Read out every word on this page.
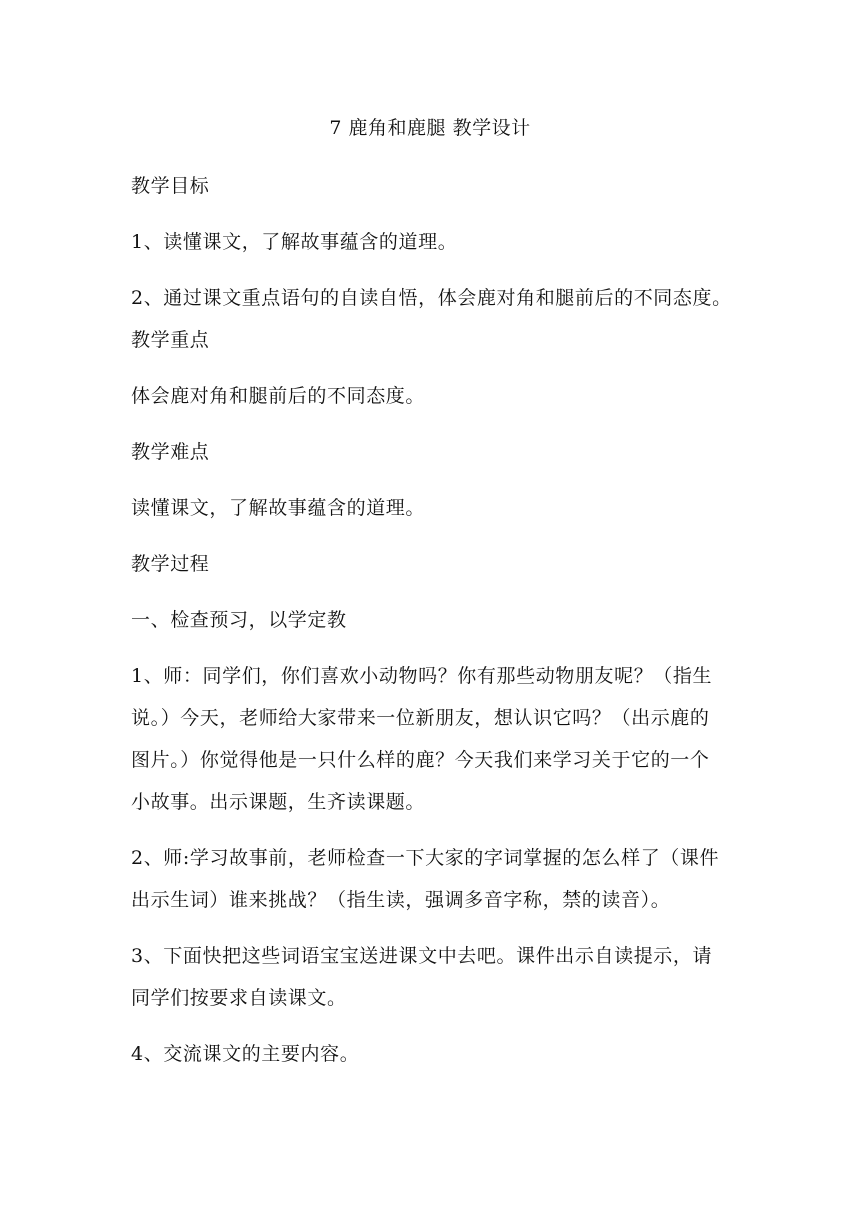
7 鹿角和鹿腿 教学设计
教学目标
1、读懂课文，了解故事蕴含的道理。
2、通过课文重点语句的自读自悟，体会鹿对角和腿前后的不同态度。
教学重点
体会鹿对角和腿前后的不同态度。
教学难点
读懂课文，了解故事蕴含的道理。
教学过程
一、检查预习，以学定教
1、师：同学们，你们喜欢小动物吗？你有那些动物朋友呢？（指生
说。）今天，老师给大家带来一位新朋友，想认识它吗？（出示鹿的
图片。）你觉得他是一只什么样的鹿？今天我们来学习关于它的一个
小故事。出示课题，生齐读课题。
2、师:学习故事前，老师检查一下大家的字词掌握的怎么样了（课件
出示生词）谁来挑战？（指生读，强调多音字称，禁的读音）。
3、下面快把这些词语宝宝送进课文中去吧。课件出示自读提示，请
同学们按要求自读课文。
4、交流课文的主要内容。
